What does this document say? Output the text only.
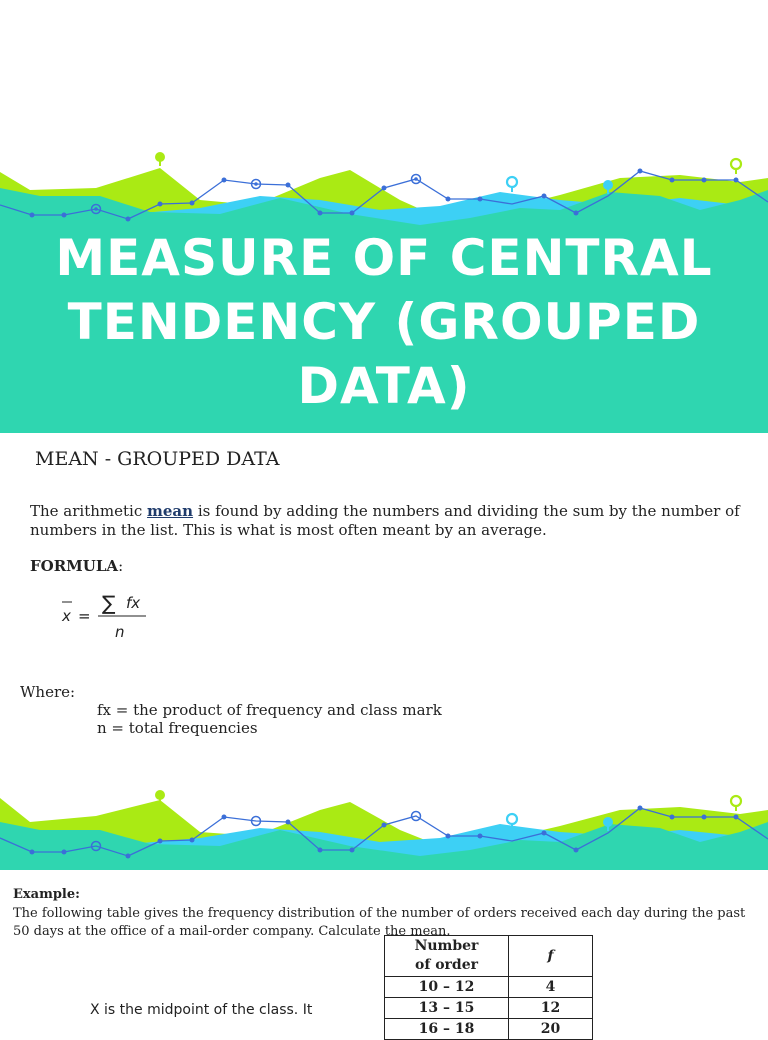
MEASURE OF CENTRAL TENDENCY (GROUPED DATA)
MEAN - GROUPED DATA
The arithmetic mean is found by adding the numbers and dividing the sum by the number of numbers in the list. This is what is most often meant by an average.
FORMULA:
x =
∑ fx
n
Where:
fx = the product of frequency and class mark
n = total frequencies
Example:
The following table gives the frequency distribution of the number of orders received each day during the past 50 days at the office of a mail-order company. Calculate the mean.
X is the midpoint of the class. It
Number
of order	f
10 – 12	4
13 – 15	12
16 – 18	20
